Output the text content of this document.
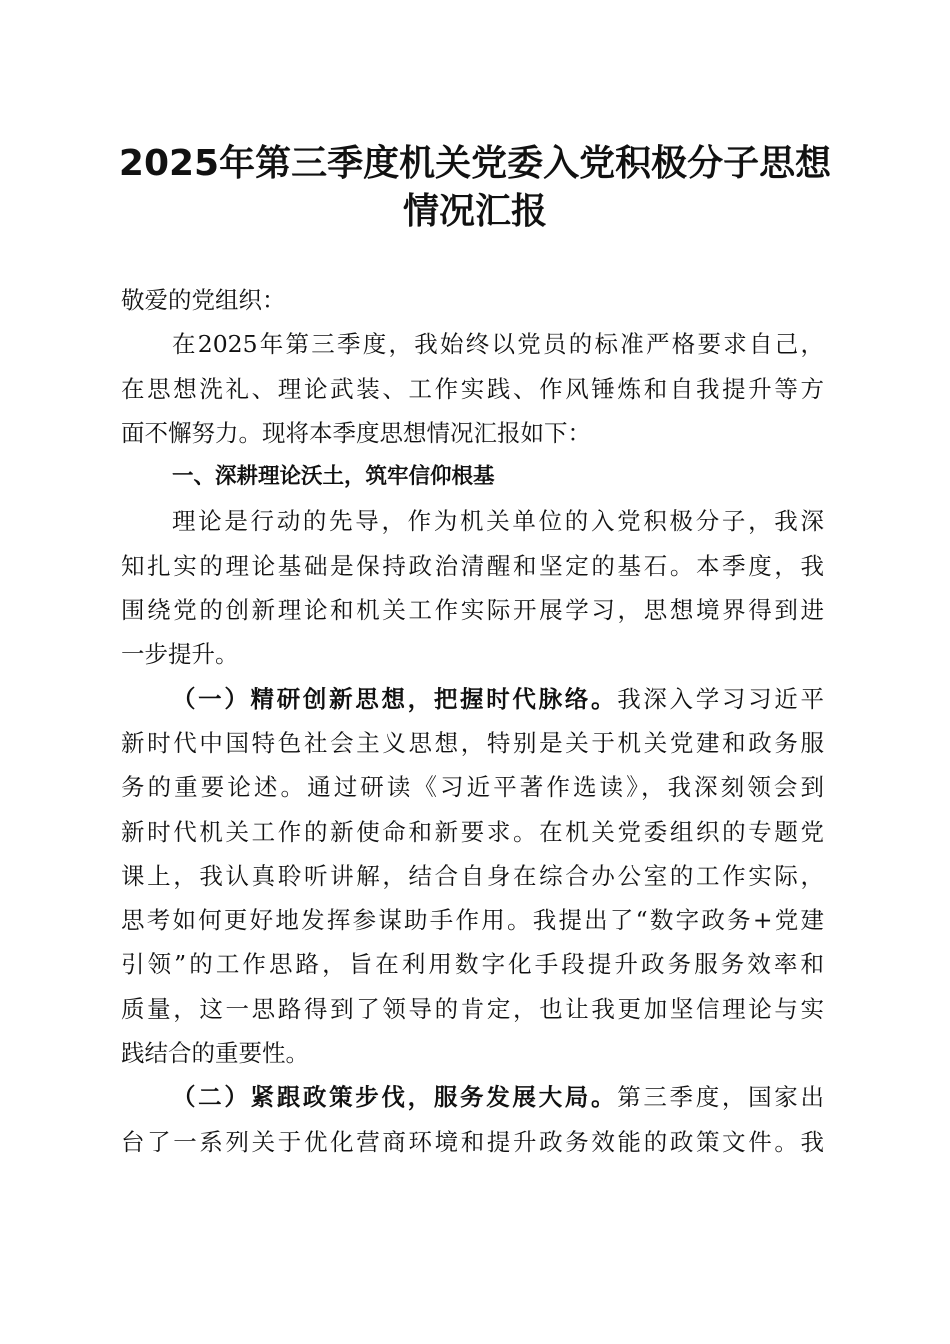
2025年第三季度机关党委入党积极分子思想
情况汇报
敬爱的党组织：
在2025年第三季度，我始终以党员的标准严格要求自己，
在思想洗礼、理论武装、工作实践、作风锤炼和自我提升等方
面不懈努力。现将本季度思想情况汇报如下：
一、深耕理论沃土，筑牢信仰根基
理论是行动的先导，作为机关单位的入党积极分子，我深
知扎实的理论基础是保持政治清醒和坚定的基石。本季度，我
围绕党的创新理论和机关工作实际开展学习，思想境界得到进
一步提升。
（一）精研创新思想，把握时代脉络。我深入学习习近平
新时代中国特色社会主义思想，特别是关于机关党建和政务服
务的重要论述。通过研读《习近平著作选读》，我深刻领会到
新时代机关工作的新使命和新要求。在机关党委组织的专题党
课上，我认真聆听讲解，结合自身在综合办公室的工作实际，
思考如何更好地发挥参谋助手作用。我提出了“数字政务+党建
引领”的工作思路，旨在利用数字化手段提升政务服务效率和
质量，这一思路得到了领导的肯定，也让我更加坚信理论与实
践结合的重要性。
（二）紧跟政策步伐，服务发展大局。第三季度，国家出
台了一系列关于优化营商环境和提升政务效能的政策文件。我
